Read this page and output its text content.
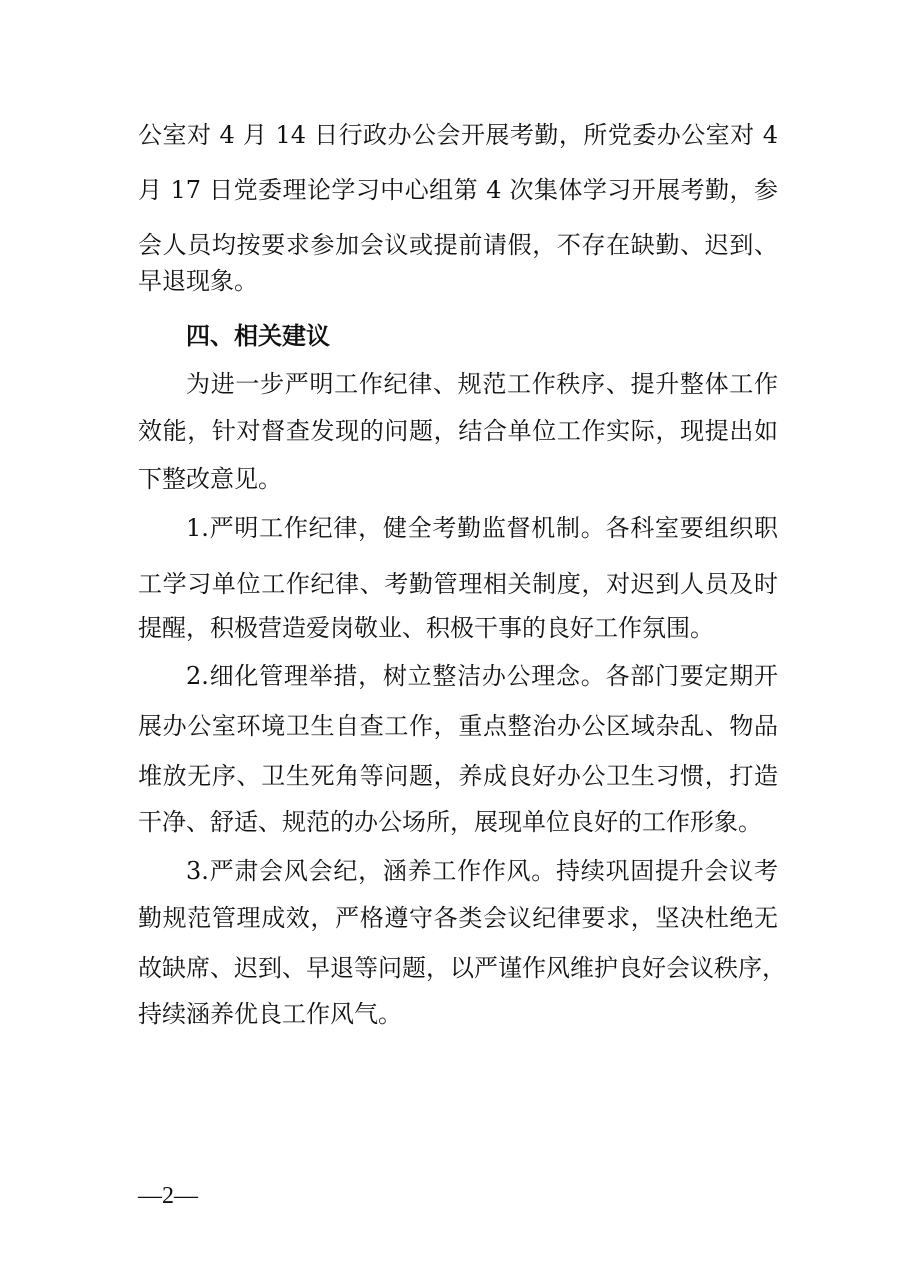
公室对 4 月 14 日行政办公会开展考勤，所党委办公室对 4
月 17 日党委理论学习中心组第 4 次集体学习开展考勤，参
会人员均按要求参加会议或提前请假，不存在缺勤、迟到、
早退现象。
四、相关建议
为进一步严明工作纪律、规范工作秩序、提升整体工作
效能，针对督查发现的问题，结合单位工作实际，现提出如
下整改意见。
1.严明工作纪律，健全考勤监督机制。各科室要组织职
工学习单位工作纪律、考勤管理相关制度，对迟到人员及时
提醒，积极营造爱岗敬业、积极干事的良好工作氛围。
2.细化管理举措，树立整洁办公理念。各部门要定期开
展办公室环境卫生自查工作，重点整治办公区域杂乱、物品
堆放无序、卫生死角等问题，养成良好办公卫生习惯，打造
干净、舒适、规范的办公场所，展现单位良好的工作形象。
3.严肃会风会纪，涵养工作作风。持续巩固提升会议考
勤规范管理成效，严格遵守各类会议纪律要求，坚决杜绝无
故缺席、迟到、早退等问题，以严谨作风维护良好会议秩序，
持续涵养优良工作风气。
—2—
